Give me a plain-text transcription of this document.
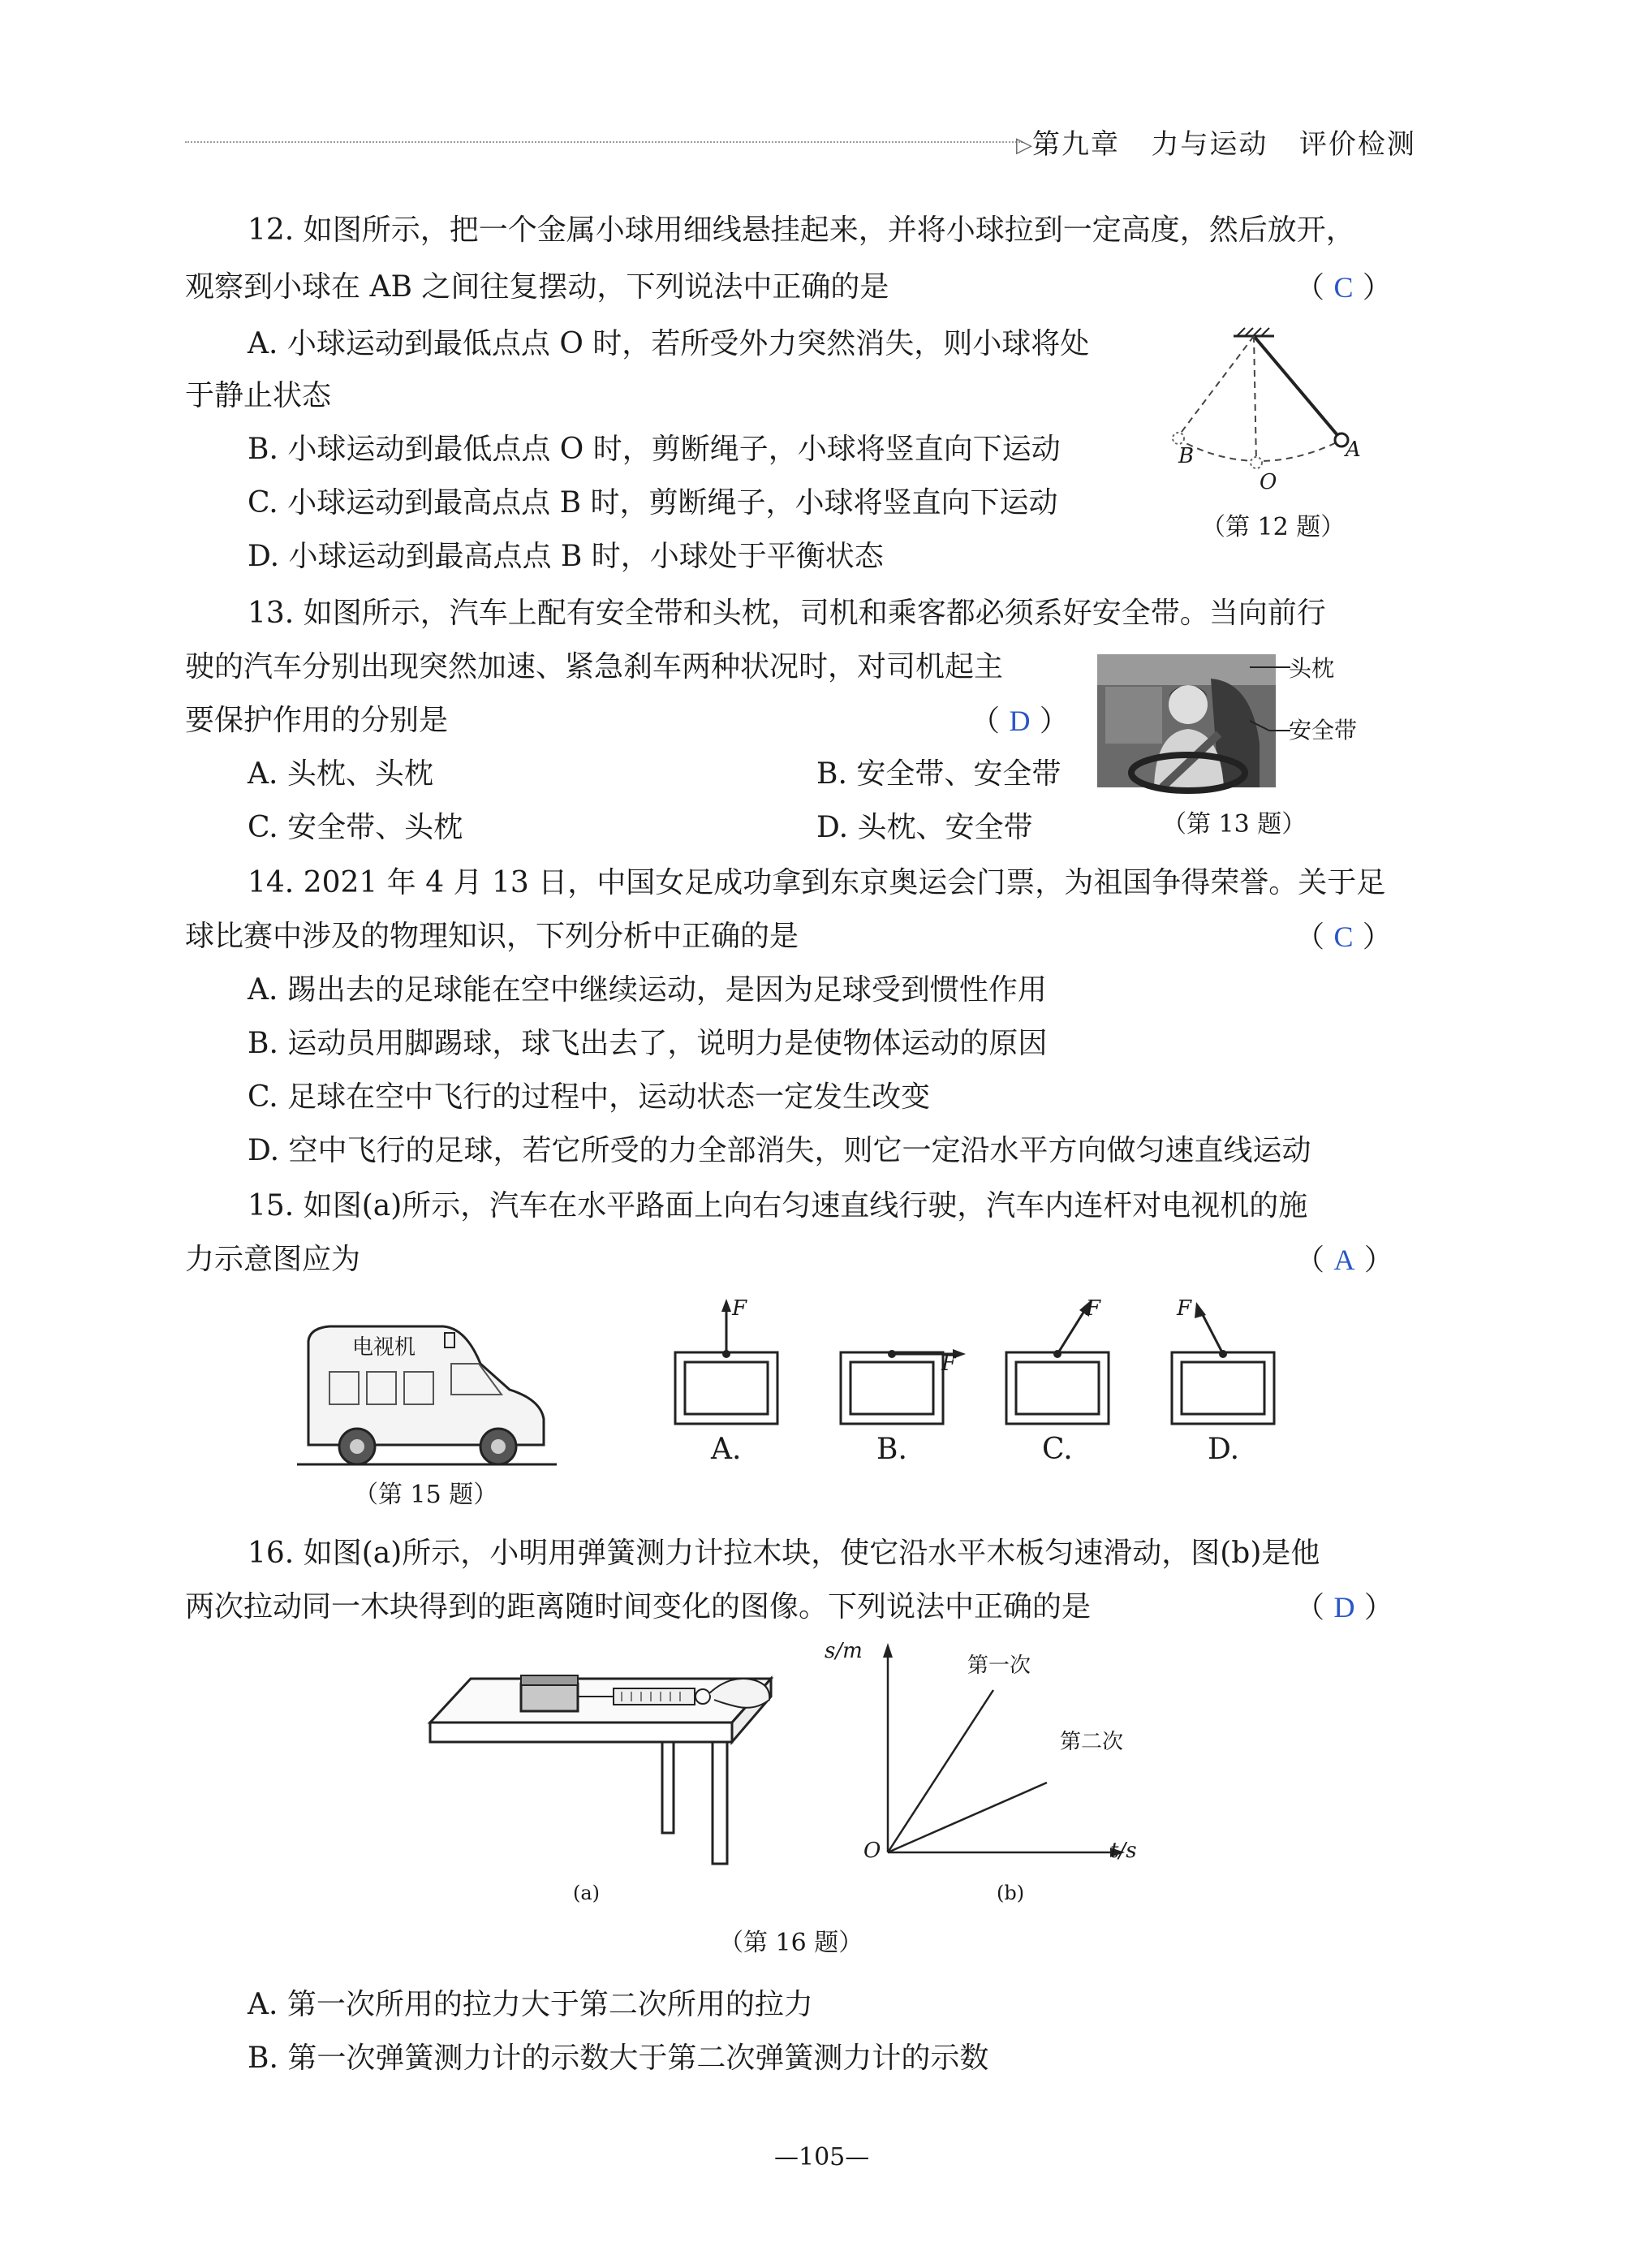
▷ 第九章 力与运动 评价检测
12. 如图所示，把一个金属小球用细线悬挂起来，并将小球拉到一定高度，然后放开，
观察到小球在 AB 之间往复摆动，下列说法中正确的是	（ C ）
A. 小球运动到最低点点 O 时，若所受外力突然消失，则小球将处
于静止状态
B. 小球运动到最低点点 O 时，剪断绳子，小球将竖直向下运动
C. 小球运动到最高点点 B 时，剪断绳子，小球将竖直向下运动
D. 小球运动到最高点点 B 时，小球处于平衡状态
A
B
O
（第 12 题）
13. 如图所示，汽车上配有安全带和头枕，司机和乘客都必须系好安全带。当向前行
驶的汽车分别出现突然加速、紧急刹车两种状况时，对司机起主
要保护作用的分别是	（ D ）
A. 头枕、头枕	B. 安全带、安全带
C. 安全带、头枕	D. 头枕、安全带
头枕
安全带
（第 13 题）
14. 2021 年 4 月 13 日，中国女足成功拿到东京奥运会门票，为祖国争得荣誉。关于足
球比赛中涉及的物理知识，下列分析中正确的是	（ C ）
A. 踢出去的足球能在空中继续运动，是因为足球受到惯性作用
B. 运动员用脚踢球，球飞出去了，说明力是使物体运动的原因
C. 足球在空中飞行的过程中，运动状态一定发生改变
D. 空中飞行的足球，若它所受的力全部消失，则它一定沿水平方向做匀速直线运动
15. 如图(a)所示，汽车在水平路面上向右匀速直线行驶，汽车内连杆对电视机的施
力示意图应为	（ A ）
电视机
（第 15 题）
F
A.
F
B.
F
C.
F
D.
16. 如图(a)所示，小明用弹簧测力计拉木块，使它沿水平木板匀速滑动，图(b)是他
两次拉动同一木块得到的距离随时间变化的图像。下列说法中正确的是	（ D ）
(a)
s/m
t/s
O
第一次
第二次
(b)
（第 16 题）
A. 第一次所用的拉力大于第二次所用的拉力
B. 第一次弹簧测力计的示数大于第二次弹簧测力计的示数
—105—
